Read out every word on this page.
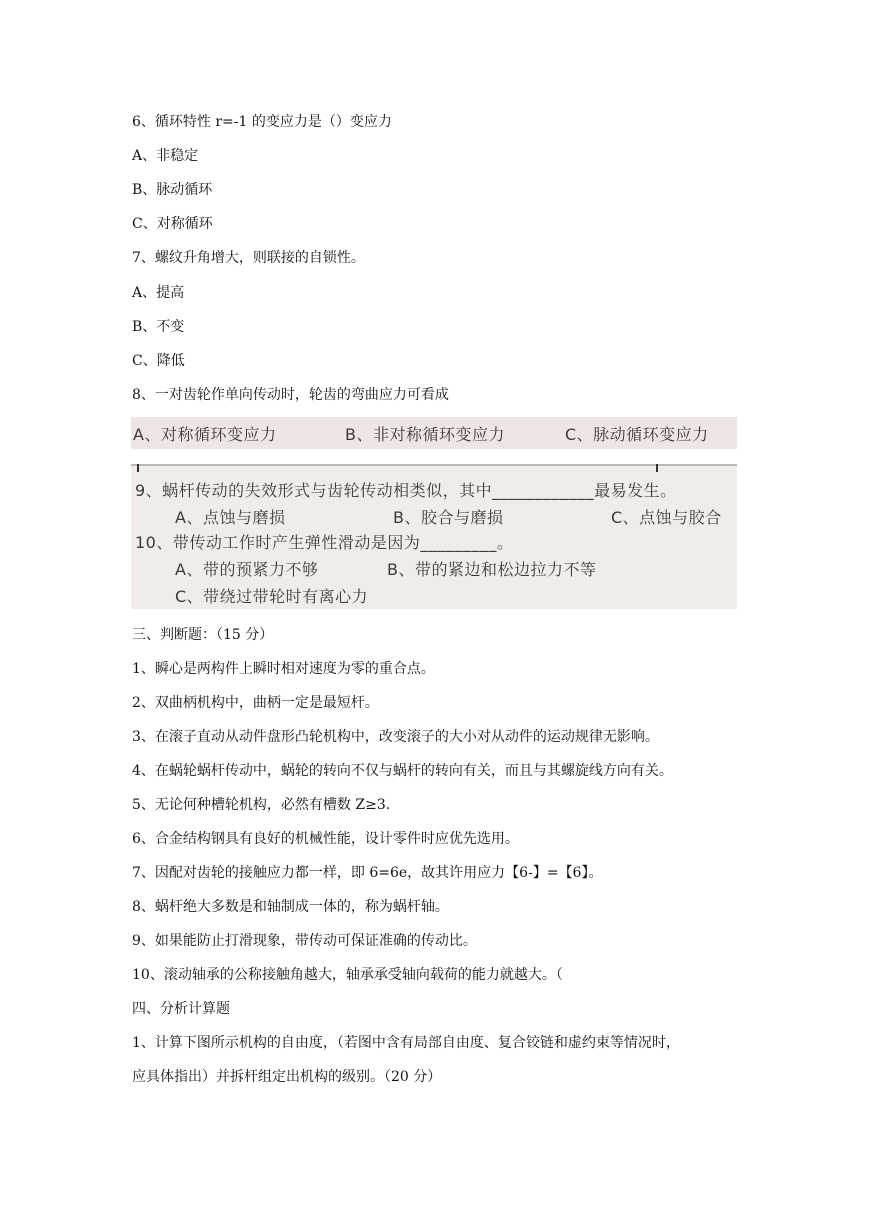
6、循环特性 r=-1 的变应力是（）变应力
A、非稳定
B、脉动循环
C、对称循环
7、螺纹升角增大，则联接的自锁性。
A、提高
B、不变
C、降低
8、一对齿轮作单向传动时，轮齿的弯曲应力可看成
A、对称循环变应力	B、非对称循环变应力	C、脉动循环变应力
9、蜗杆传动的失效形式与齿轮传动相类似，其中____________最易发生。
A、点蚀与磨损	B、胶合与磨损	C、点蚀与胶合
10、带传动工作时产生弹性滑动是因为_________。
A、带的预紧力不够	B、带的紧边和松边拉力不等
C、带绕过带轮时有离心力
三、判断题：（15 分）
1、瞬心是两构件上瞬时相对速度为零的重合点。
2、双曲柄机构中，曲柄一定是最短杆。
3、在滚子直动从动件盘形凸轮机构中，改变滚子的大小对从动件的运动规律无影响。
4、在蜗轮蜗杆传动中，蜗轮的转向不仅与蜗杆的转向有关，而且与其螺旋线方向有关。
5、无论何种槽轮机构，必然有槽数 Z≥3.
6、合金结构钢具有良好的机械性能，设计零件时应优先选用。
7、因配对齿轮的接触应力都一样，即 6=6e，故其许用应力【6-】=【6】。
8、蜗杆绝大多数是和轴制成一体的，称为蜗杆轴。
9、如果能防止打滑现象，带传动可保证准确的传动比。
10、滚动轴承的公称接触角越大，轴承承受轴向载荷的能力就越大。（
四、分析计算题
1、计算下图所示机构的自由度，（若图中含有局部自由度、复合铰链和虚约束等情况时，
应具体指出）并拆杆组定出机构的级别。（20 分）
